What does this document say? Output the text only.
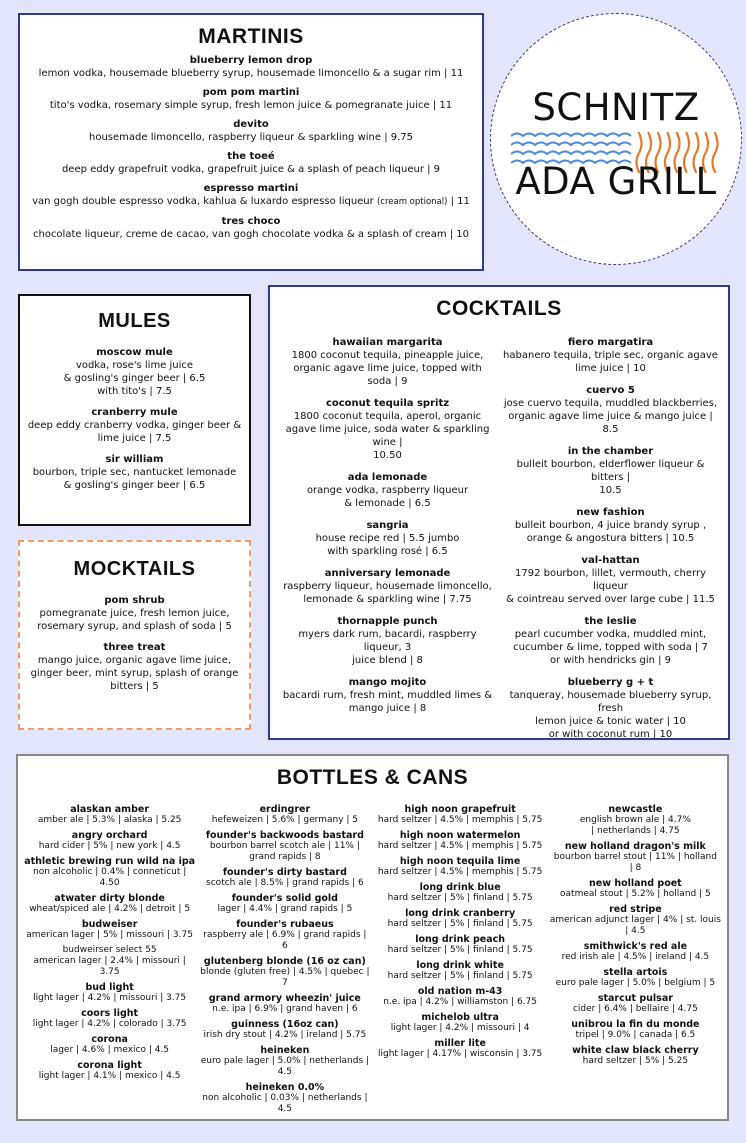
MARTINIS
blueberry lemon drop
lemon vodka, housemade blueberry syrup, housemade limoncello & a sugar rim | 11
pom pom martini
tito's vodka, rosemary simple syrup, fresh lemon juice & pomegranate juice | 11
devito
housemade limoncello, raspberry liqueur & sparkling wine | 9.75
the toeé
deep eddy grapefruit vodka, grapefruit juice & a splash of peach liqueur | 9
espresso martini
van gogh double espresso vodka, kahlua & luxardo espresso liqueur (cream optional) | 11
tres choco
chocolate liqueur, creme de cacao, van gogh chocolate vodka & a splash of cream | 10
SCHNITZ
ADA GRILL
MULES
moscow mule
vodka, rose's lime juice
& gosling's ginger beer | 6.5
with tito's | 7.5
cranberry mule
deep eddy cranberry vodka, ginger beer &
lime juice | 7.5
sir william
bourbon, triple sec, nantucket lemonade
& gosling's ginger beer | 6.5
MOCKTAILS
pom shrub
pomegranate juice, fresh lemon juice,
rosemary syrup, and splash of soda | 5
three treat
mango juice, organic agave lime juice,
ginger beer, mint syrup, splash of orange
bitters | 5
COCKTAILS
hawaiian margarita
1800 coconut tequila, pineapple juice,
organic agave lime juice, topped with soda | 9
coconut tequila spritz
1800 coconut tequila, aperol, organic
agave lime juice, soda water & sparkling wine |
10.50
ada lemonade
orange vodka, raspberry liqueur
& lemonade | 6.5
sangria
house recipe red | 5.5 jumbo
with sparkling rosé | 6.5
anniversary lemonade
raspberry liqueur, housemade limoncello,
lemonade & sparkling wine | 7.75
thornapple punch
myers dark rum, bacardi, raspberry liqueur, 3
juice blend | 8
mango mojito
bacardi rum, fresh mint, muddled limes &
mango juice | 8
fiero margatira
habanero tequila, triple sec, organic agave
lime juice | 10
cuervo 5
jose cuervo tequila, muddled blackberries,
organic agave lime juice & mango juice | 8.5
in the chamber
bulleit bourbon, elderflower liqueur & bitters |
10.5
new fashion
bulleit bourbon, 4 juice brandy syrup ,
orange & angostura bitters | 10.5
val-hattan
1792 bourbon, lillet, vermouth, cherry liqueur
& cointreau served over large cube | 11.5
the leslie
pearl cucumber vodka, muddled mint,
cucumber & lime, topped with soda | 7
or with hendricks gin | 9
blueberry g + t
tanqueray, housemade blueberry syrup, fresh
lemon juice & tonic water | 10
or with coconut rum | 10
BOTTLES & CANS
alaskan amber
amber ale | 5.3% | alaska | 5.25
angry orchard
hard cider | 5% | new york | 4.5
athletic brewing run wild na ipa
non alcoholic | 0.4% | conneticut | 4.50
atwater dirty blonde
wheat/spiced ale | 4.2% | detroit | 5
budweiser
american lager | 5% | missouri | 3.75
budweirser select 55
american lager | 2.4% | missouri | 3.75
bud light
light lager | 4.2% | missouri | 3.75
coors light
light lager | 4.2% | colorado | 3.75
corona
lager | 4.6% | mexico | 4.5
corona light
light lager | 4.1% | mexico | 4.5
erdingrer
hefeweizen | 5.6% | germany | 5
founder's backwoods bastard
bourbon barrel scotch ale | 11% |
grand rapids | 8
founder's dirty bastard
scotch ale | 8.5% | grand rapids | 6
founder's solid gold
lager | 4.4% | grand rapids | 5
founder's rubaeus
raspberry ale | 6.9% | grand rapids | 6
glutenberg blonde (16 oz can)
blonde (gluten free) | 4.5% | quebec | 7
grand armory wheezin' juice
n.e. ipa | 6.9% | grand haven | 6
guinness (16oz can)
irish dry stout | 4.2% | ireland | 5.75
heineken
euro pale lager | 5.0% | netherlands | 4.5
heineken 0.0%
non alcoholic | 0.03% | netherlands | 4.5
high noon grapefruit
hard seltzer | 4.5% | memphis | 5.75
high noon watermelon
hard seltzer | 4.5% | memphis | 5.75
high noon tequila lime
hard seltzer | 4.5% | memphis | 5.75
long drink blue
hard seltzer | 5% | finland | 5.75
long drink cranberry
hard seltzer | 5% | finland | 5.75
long drink peach
hard seltzer | 5% | finland | 5.75
long drink white
hard seltzer | 5% | finland | 5.75
old nation m-43
n.e. ipa | 4.2% | williamston | 6.75
michelob ultra
light lager | 4.2% | missouri | 4
miller lite
light lager | 4.17% | wisconsin | 3.75
newcastle
english brown ale | 4.7%
| netherlands | 4.75
new holland dragon's milk
bourbon barrel stout | 11% | holland
| 8
new holland poet
oatmeal stout | 5.2% | holland | 5
red stripe
american adjunct lager | 4% | st. louis
| 4.5
smithwick's red ale
red irish ale | 4.5% | ireland | 4.5
stella artois
euro pale lager | 5.0% | belgium | 5
starcut pulsar
cider | 6.4% | bellaire | 4.75
unibrou la fin du monde
tripel | 9.0% | canada | 6.5
white claw black cherry
hard seltzer | 5% | 5.25
